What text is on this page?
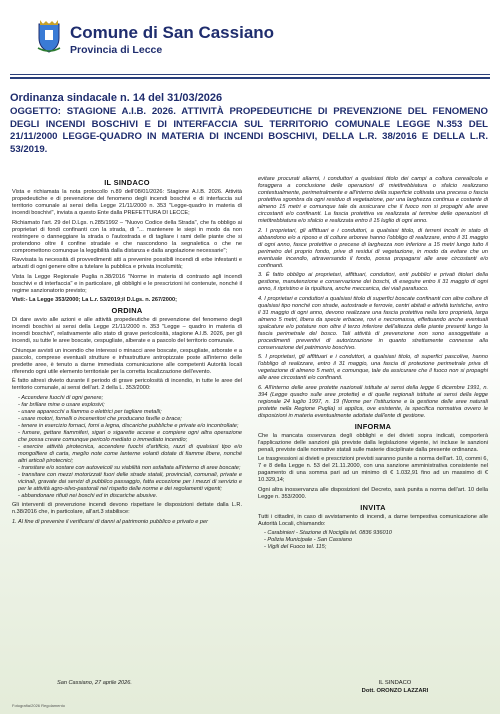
Comune di San Cassiano
Provincia di Lecce
Ordinanza sindacale n. 14 del 31/03/2026
OGGETTO: STAGIONE A.I.B. 2026. ATTIVITÀ PROPEDEUTICHE DI PREVENZIONE DEL FENOMENO DEGLI INCENDI BOSCHIVI E DI INTERFACCIA SUL TERRITORIO COMUNALE LEGGE N.353 DEL 21/11/2000 LEGGE-QUADRO IN MATERIA DI INCENDI BOSCHIVI, DELLA L.R. 38/2016 E DELLA L.R. 53/2019.
IL SINDACO

Vista e richiamata la nota protocollo n.89 dell'08/01/2026: Stagione A.I.B. 2026. Attività propedeutiche e di prevenzione del fenomeno degli incendi boschivi e di interfaccia sul territorio comunale ai sensi della Legge 21/11/2000 n. 353 "Legge-quadro in materia di incendi boschivi", inviata a questo Ente dalla PREFETTURA DI LECCE;

Richiamato l'art. 29 del D.Lgs. n.285/1992 – "Nuovo Codice della Strada", che fa obbligo ai proprietari di fondi confinanti con la strada, di "... mantenere le siepi in modo da non restringere o danneggiare la strada o l'autostrada e di tagliare i rami delle piante che si protendono oltre il confine stradale e che nascondono la segnaletica o che ne compromettono comunque la leggibilità dalla distanza e dalla angolazione necessarie";

Ravvisata la necessità di provvedimenti atti a prevenire possibili incendi di erbe infestanti e arbusti di ogni genere oltre a tutelare la pubblica e privata incolumità;

Vista la Legge Regionale Puglia n.38/2016 "Norme in materia di contrasto agli incendi boschivi e di interfaccia" e in particolare, gli obblighi e le prescrizioni ivi contenute, nonché il regime sanzionatorio previsto;

Visti:- La Legge 353/2000; La L.r. 53/2019;il D.Lgs. n. 267/2000;

ORDINA

Di dare avvio alle azioni e alle attività propedeutiche di prevenzione del fenomeno degli incendi boschivi ai sensi della Legge 21/11/2000 n. 353 "Legge – quadro in materia di incendi boschivi", relativamente allo stato di grave pericolosità, stagione A.I.B. 2026, per gli incendi, su tutte le aree boscate, cespugliate, alberate e a pascolo del territorio comunale.

Chiunque avvisti un incendio che interessi o minacci aree boscate, cespugliate, arborate e a pascolo, comprese eventuali strutture e infrastrutture antropizzate poste all'interno delle predette aree, è tenuto a darne immediata comunicazione alle competenti Autorità locali riferendo ogni utile elemento territoriale per la corretta localizzazione dell'evento.

È fatto altresì divieto durante il periodo di grave pericolosità di incendio, in tutte le aree del territorio comunale, ai sensi dell'art. 2 della L. 353/2000:

- Accendere fuochi di ogni genere;
- far brillare mine o usare esplosivi;
- usare apparecchi a fiamma o elettrici per tagliare metalli;
- usare motori, fornelli o inceneritori che producano faville o brace;
- tenere in esercizio fornaci, forni a legna, discariche pubbliche e private e/o incontrollate;
- fumare, gettare fiammiferi, sigari o sigarette accese e compiere ogni altra operazione che possa creare comunque pericolo mediato o immediato incendio;
- esercire attività pirotecnica, accendere fuochi d'artificio, razzi di qualsiasi tipo e/o mongolfiere di carta, meglio note come lanterne volanti dotate di fiamme libere, nonché altri articoli pirotecnici;
- transitare e/o sostare con autoveicoli su viabilità non asfaltata all'interno di aree boscate;
- transitare con mezzi motorizzati fuori delle strade statali, provinciali, comunali, private e vicinali, gravate dai servizi di pubblico passaggio, fatta eccezione per i mezzi di servizio e per le attività agro-silvo-pastorali nel rispetto delle norme e dei regolamenti vigenti;
- abbandonare rifiuti nei boschi ed in discariche abusive.

Gli interventi di prevenzione incendi devono rispettare le disposizioni dettate dalla L.R. n.38/2016 che, in particolare, all'art.3 stabilisce:

1. Al fine di prevenire il verificarsi di danni al patrimonio pubblico e privato e per

evitare procurati allarmi, i conduttori a qualsiasi titolo dei campi a coltura cerealicola e foraggera a conclusione delle operazioni di mietitrebbiatura o sfalcio realizzano contestualmente, perimetralmente e all'interno della superficie coltivata una precesa o fascia protettiva sgombra da ogni residuo di vegetazione, per una larghezza continua e costante di almeno 15 metri e comunque tale da assicurare che il fuoco non si propaghi alle aree circostanti e/o confinanti. La fascia protettiva va realizzata al termine delle operazioni di mietitrebbiatura e/o sfalcio e realizzata entro il 15 luglio di ogni anno.

2. I proprietari, gli affittuari e i conduttori, a qualsiasi titolo, di terreni incolti in stato di abbandono e/o a riposo e di colture arboree hanno l'obbligo di realizzare, entro il 31 maggio di ogni anno, fasce protettive o precese di larghezza non inferiore a 15 metri lungo tutto il perimetro del proprio fondo, prive di residui di vegetazione, in modo da evitare che un eventuale incendio, attraversando il fondo, possa propagarsi alle aree circostanti e/o confinanti.

3. È fatto obbligo ai proprietari, affittuari, conduttori, enti pubblici e privati titolari della gestione, manutenzione e conservazione dei boschi, di eseguire entro il 31 maggio di ogni anno, il ripristino e la ripulitura, anche meccanica, dei viali parafuoco.

4. I proprietari e conduttori a qualsiasi titolo di superfici boscate confinanti con altre colture di qualsiasi tipo nonché con strade, autostrade e ferrovie, centri abitati e attività turistiche, entro il 31 maggio di ogni anno, devono realizzare una fascia protettiva nella loro proprietà, larga almeno 5 metri, libera da specie erbacee, rovi e necromassa, effettuando anche eventuali spalcature e/o potature non oltre il terzo inferiore dell'altezza delle piante presenti lungo la fascia perimetrale del bosco. Tali attività di prevenzione non sono assoggettate a procedimenti preventivi di autorizzazione in quanto strettamente connesse alla conservazione del patrimonio boschivo.

5. I proprietari, gli affittuari e i conduttori, a qualsiasi titolo, di superfici pascolive, hanno l'obbligo di realizzare, entro il 31 maggio, una fascia di protezione perimetrale priva di vegetazione di almeno 5 metri, e comunque, tale da assicurare che il fuoco non si propaghi alle aree circostanti e/o confinanti.

6. All'interno delle aree protette nazionali istituite ai sensi della legge 6 dicembre 1991, n. 394 (Legge quadro sulle aree protette) e di quelle regionali istituite ai sensi della legge regionale 24 luglio 1997, n. 19 (Norme per l'istituzione e la gestione delle aree naturali protette nella Regione Puglia) si applica, ove esistente, la specifica normativa ovvero le disposizioni in materia eventualmente adottate dall'ente di gestione.

INFORMA

Che la mancata osservanza degli obblighi e dei divieti sopra indicati, comporterà l'applicazione delle sanzioni già previste dalla legislazione vigente, ivi incluse le sanzioni penali, previste dalle normative statali sulle materie disciplinate dalla presente ordinanza.

Le trasgressioni ai divieti e prescrizioni previsti saranno punite a norma dell'art. 10, commi 6, 7 e 8 della Legge n. 53 del 21.11.2000, con una sanzione amministrativa consistente nel pagamento di una somma pari ad un minimo di € 1.032,91 fino ad un massimo di € 10.329,14;

Ogni altra inosservanza alle disposizioni del Decreto, sarà punita a norma dell'art. 10 della Legge n. 353/2000.

INVITA

Tutti i cittadini, in caso di avvistamento di incendi, a darne tempestiva comunicazione alle Autorità Locali, chiamando:

- Carabinieri - Stazione di Nociglia tel. 0836 936010
- Polizia Municipale - San Cassiano
- Vigili del Fuoco tel. 115;
San Cassiano, 27 aprile 2026.
Fotografia/2026 Regolamento
IL SINDACO
Dott. ORONZO LAZZARI
